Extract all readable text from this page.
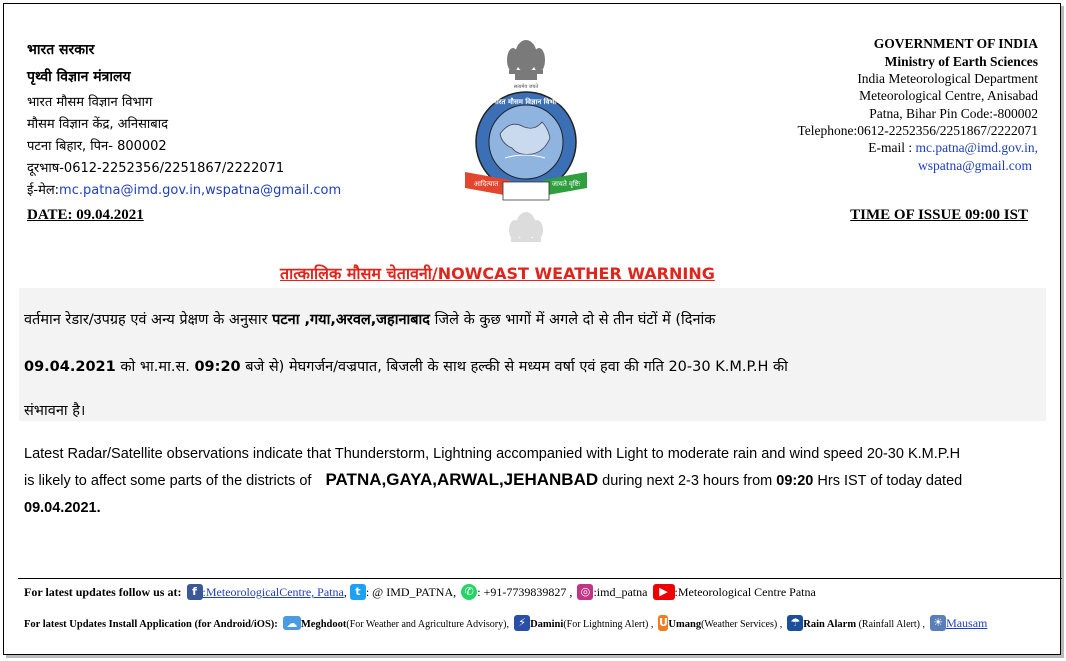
भारत सरकार
पृथ्वी विज्ञान मंत्रालय
भारत मौसम विज्ञान विभाग
मौसम विज्ञान केंद्र, अनिसाबाद
पटना बिहार, पिन- 800002
दूरभाष-0612-2252356/2251867/2222071
ई-मेल:mc.patna@imd.gov.in,wspatna@gmail.com
DATE: 09.04.2021
सत्यमेव जयते
भारत मौसम विज्ञान विभाग
आदित्यात	जायते वृष्टिः
GOVERNMENT OF INDIA
Ministry of Earth Sciences
India Meteorological Department
Meteorological Centre, Anisabad
Patna, Bihar Pin Code:-800002
Telephone:0612-2252356/2251867/2222071
E-mail : mc.patna@imd.gov.in,
wspatna@gmail.com
TIME OF ISSUE 09:00 IST
तात्कालिक मौसम चेतावनी/NOWCAST WEATHER WARNING
वर्तमान रेडार/उपग्रह एवं अन्य प्रेक्षण के अनुसार पटना ,गया,अरवल,जहानाबाद जिले के कुछ भागों में अगले दो से तीन घंटों में (दिनांक
09.04.2021 को भा.मा.स. 09:20 बजे से) मेघगर्जन/वज्रपात, बिजली के साथ हल्की से मध्यम वर्षा एवं हवा की गति 20-30 K.M.P.H की
संभावना है।
Latest Radar/Satellite observations indicate that Thunderstorm, Lightning accompanied with Light to moderate rain and wind speed 20-30 K.M.P.H
is likely to affect some parts of the districts of PATNA,GAYA,ARWAL,JEHANBAD during next 2-3 hours from 09:20 Hrs IST of today dated
09.04.2021.
For latest updates follow us at: f :MeteorologicalCentre, Patna, t : @ IMD_PATNA, ✆ : +91-7739839827 , ◎ :imd_patna ▶ :Meteorological Centre Patna
For latest Updates Install Application (for Android/iOS): ☁ Meghdoot(For Weather and Agriculture Advisory), ⚡ Damini(For Lightning Alert) , UUmang(Weather Services) , ☂ Rain Alarm (Rainfall Alert) , ☀ Mausam
